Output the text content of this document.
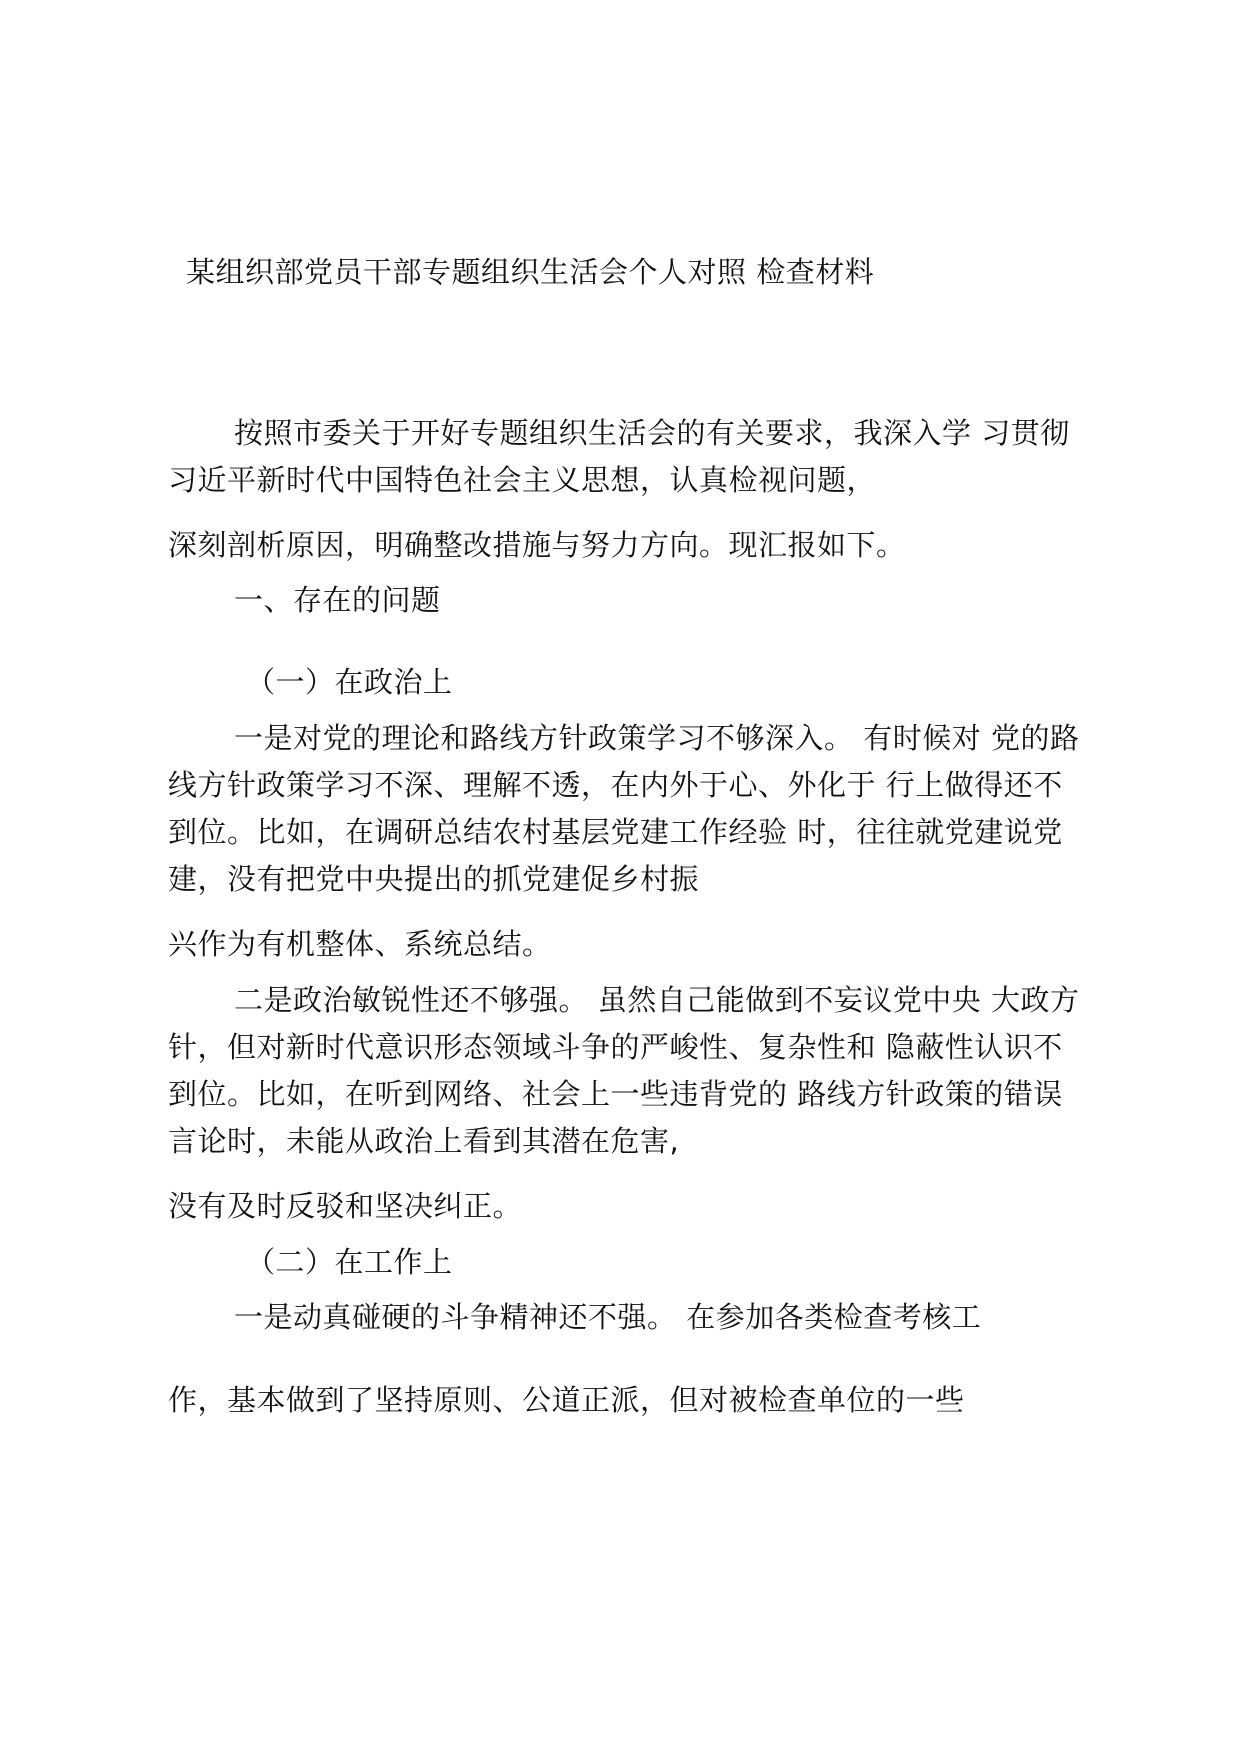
某组织部党员干部专题组织生活会个人对照 检查材料
按照市委关于开好专题组织生活会的有关要求，我深入学 习贯彻
习近平新时代中国特色社会主义思想，认真检视问题，
深刻剖析原因，明确整改措施与努力方向。现汇报如下。
一、存在的问题
（一）在政治上
一是对党的理论和路线方针政策学习不够深入。 有时候对 党的路
线方针政策学习不深、理解不透，在内外于心、外化于 行上做得还不
到位。比如，在调研总结农村基层党建工作经验 时，往往就党建说党
建，没有把党中央提出的抓党建促乡村振
兴作为有机整体、系统总结。
二是政治敏锐性还不够强。 虽然自己能做到不妄议党中央 大政方
针，但对新时代意识形态领域斗争的严峻性、复杂性和 隐蔽性认识不
到位。比如，在听到网络、社会上一些违背党的 路线方针政策的错误
言论时，未能从政治上看到其潜在危害,
没有及时反驳和坚决纠正。
（二）在工作上
一是动真碰硬的斗争精神还不强。 在参加各类检查考核工
作，基本做到了坚持原则、公道正派，但对被检查单位的一些
